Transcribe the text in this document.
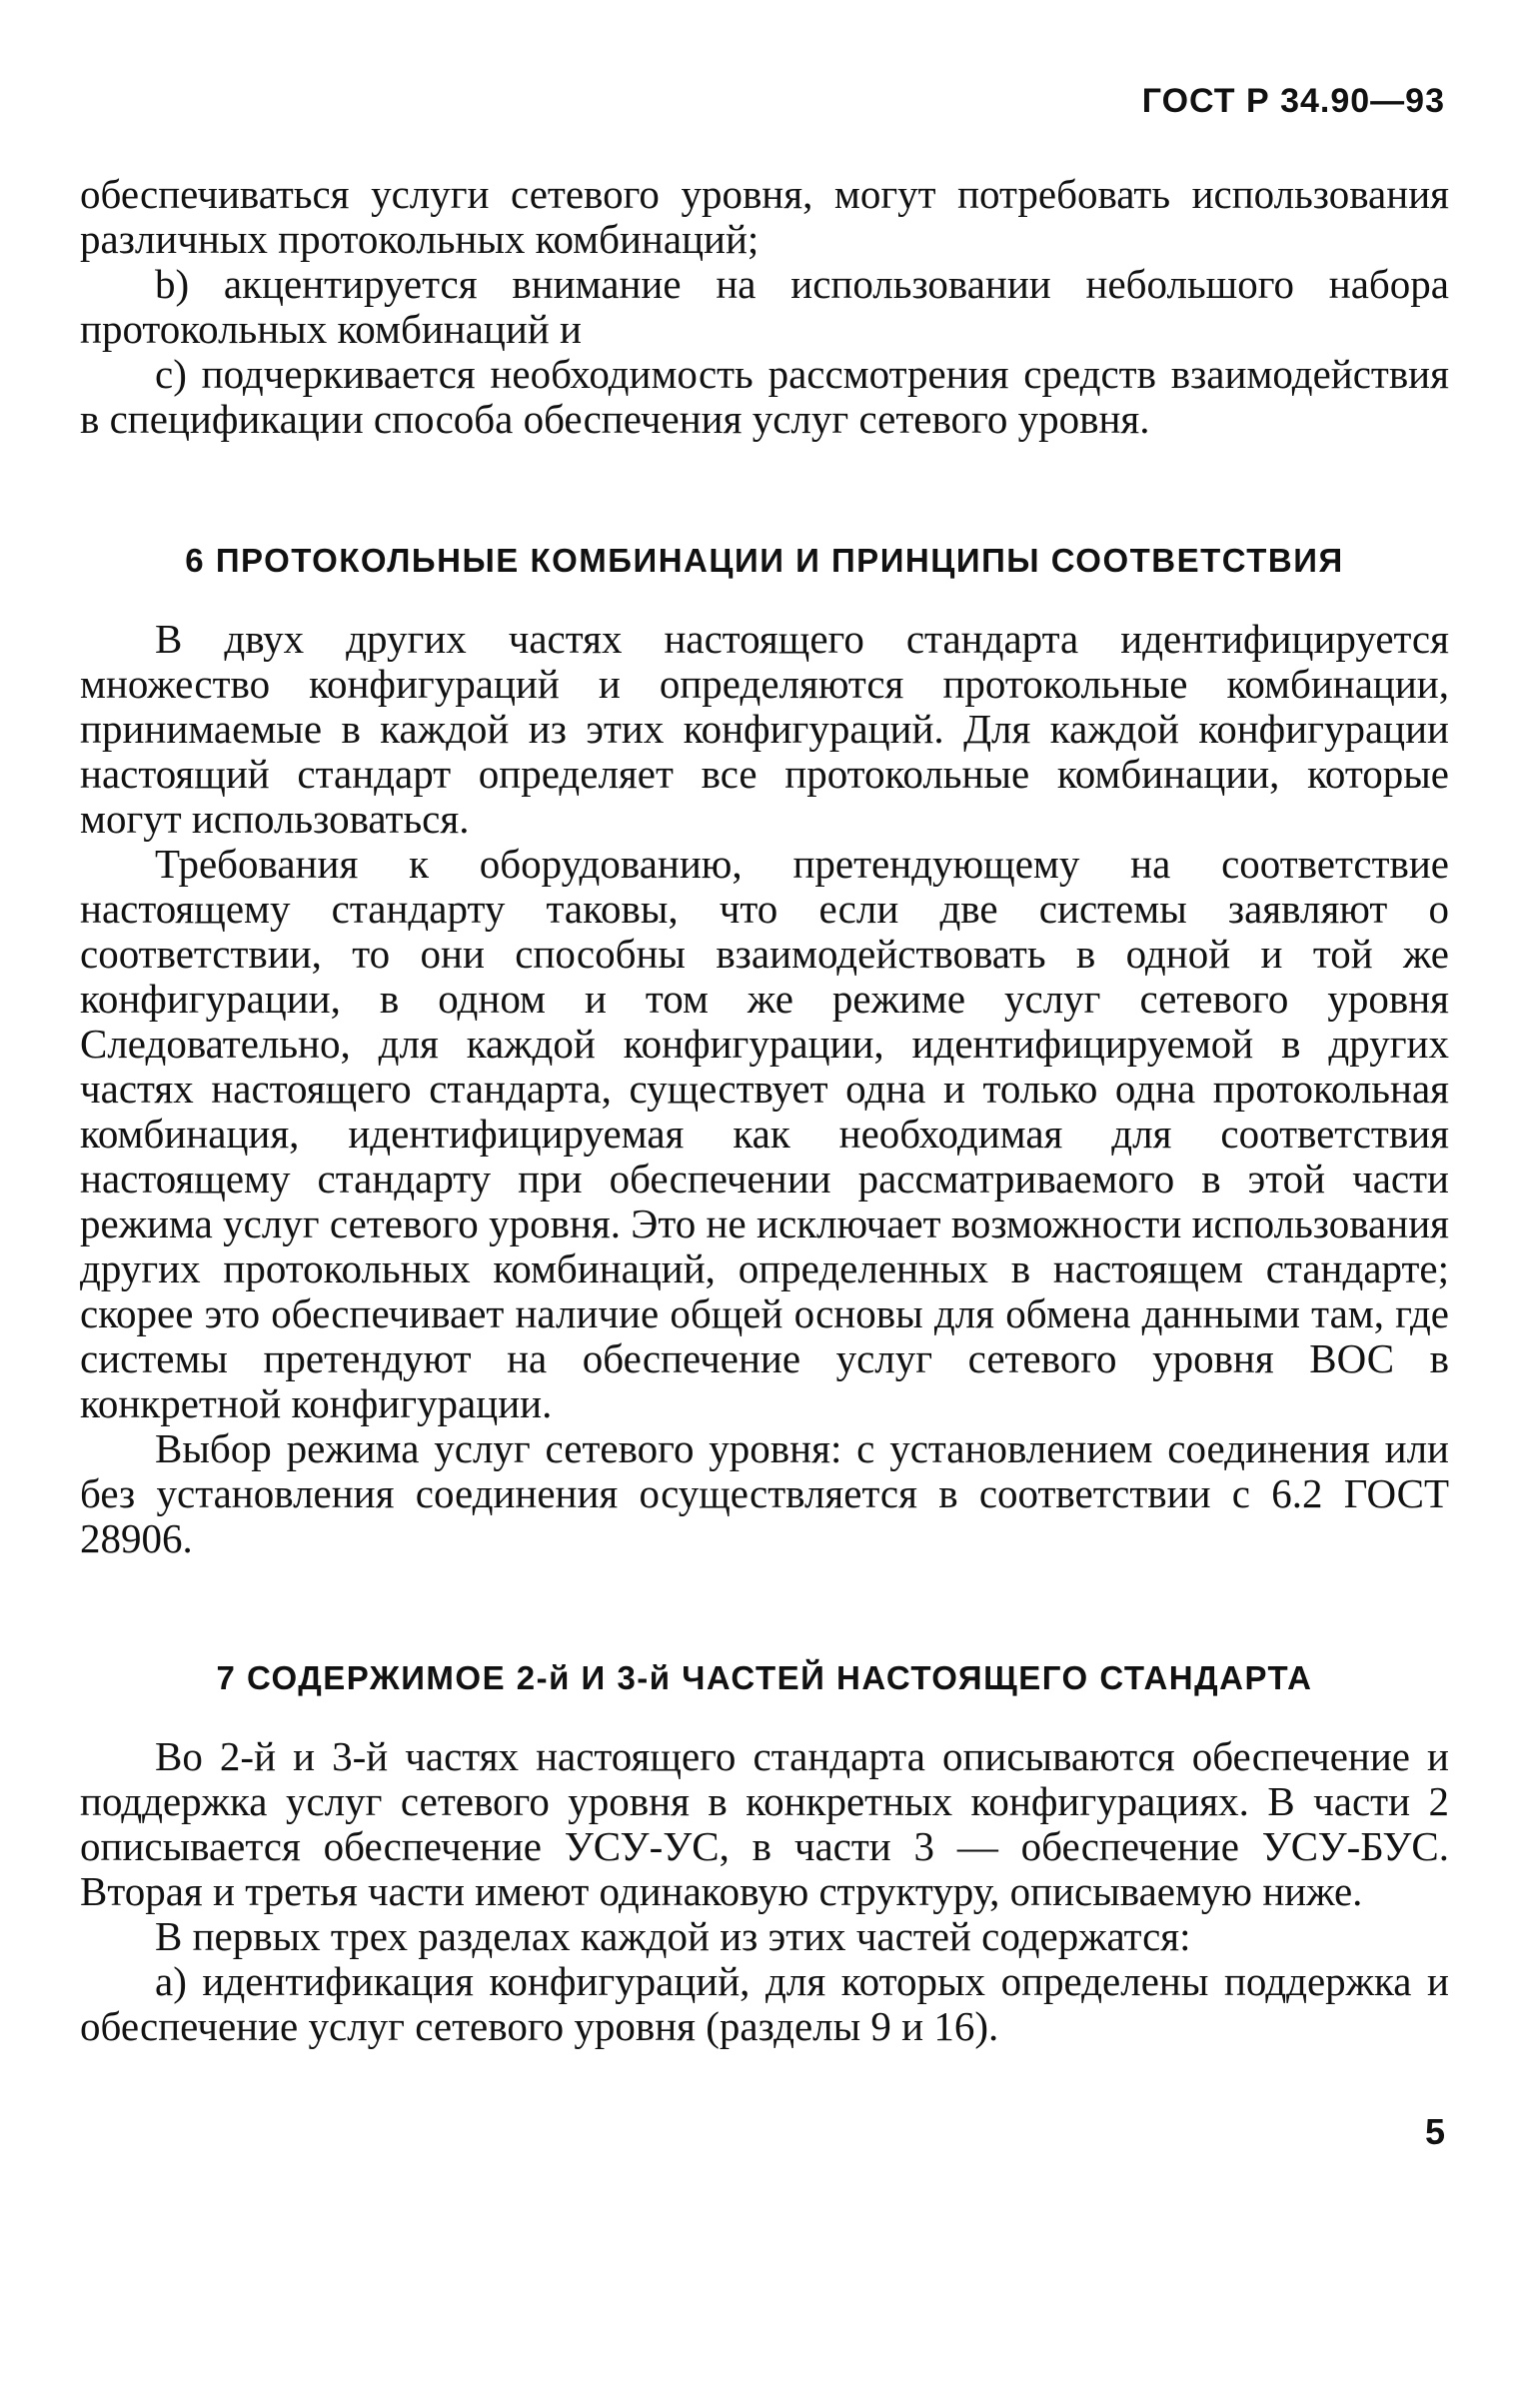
ГОСТ Р 34.90—93

обеспечиваться услуги сетевого уровня, могут потребовать использования различных протокольных комбинаций;

b) акцентируется внимание на использовании небольшого набора протокольных комбинаций и

c) подчеркивается необходимость рассмотрения средств взаимодействия в спецификации способа обеспечения услуг сетевого уровня.

6 ПРОТОКОЛЬНЫЕ КОМБИНАЦИИ И ПРИНЦИПЫ СООТВЕТСТВИЯ

В двух других частях настоящего стандарта идентифицируется множество конфигураций и определяются протокольные комбинации, принимаемые в каждой из этих конфигураций. Для каждой конфигурации настоящий стандарт определяет все протокольные комбинации, которые могут использоваться.

Требования к оборудованию, претендующему на соответствие настоящему стандарту таковы, что если две системы заявляют о соответствии, то они способны взаимодействовать в одной и той же конфигурации, в одном и том же режиме услуг сетевого уровня Следовательно, для каждой конфигурации, идентифицируемой в других частях настоящего стандарта, существует одна и только одна протокольная комбинация, идентифицируемая как необходимая для соответствия настоящему стандарту при обеспечении рассматриваемого в этой части режима услуг сетевого уровня. Это не исключает возможности использования других протокольных комбинаций, определенных в настоящем стандарте; скорее это обеспечивает наличие общей основы для обмена данными там, где системы претендуют на обеспечение услуг сетевого уровня ВОС в конкретной конфигурации.

Выбор режима услуг сетевого уровня: с установлением соединения или без установления соединения осуществляется в соответствии с 6.2 ГОСТ 28906.

7 СОДЕРЖИМОЕ 2-й И 3-й ЧАСТЕЙ НАСТОЯЩЕГО СТАНДАРТА

Во 2-й и 3-й частях настоящего стандарта описываются обеспечение и поддержка услуг сетевого уровня в конкретных конфигурациях. В части 2 описывается обеспечение УСУ-УС, в части 3 — обеспечение УСУ-БУС. Вторая и третья части имеют одинаковую структуру, описываемую ниже.

В первых трех разделах каждой из этих частей содержатся:

a) идентификация конфигураций, для которых определены поддержка и обеспечение услуг сетевого уровня (разделы 9 и 16).

5
